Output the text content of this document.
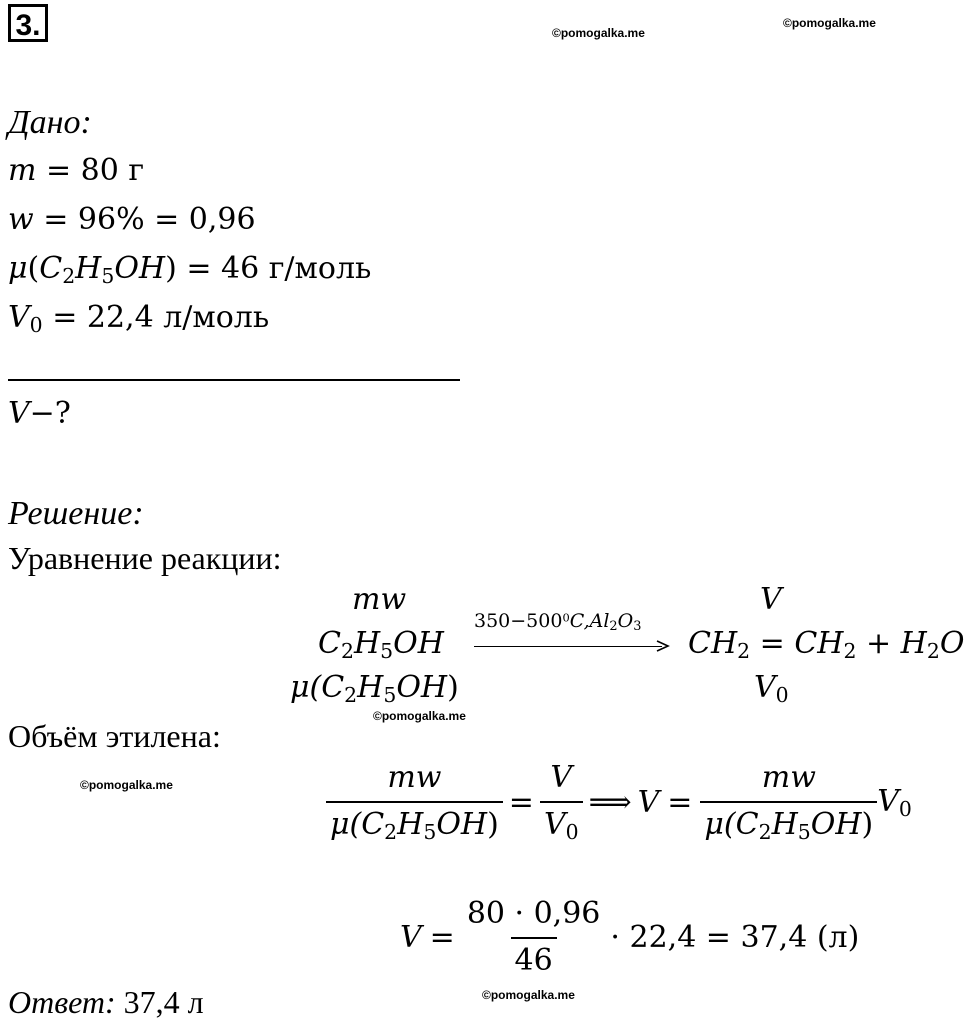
3.	©pomogalka.me
©pomogalka.me
Дано:
m = 80 г
w = 96% = 0,96
$\mu(C_2H_5OH) = 46$ г/моль
$V_0 = 22,4$ л/моль
V−?
Решение:
Уравнение реакции:
mw
$C_2H_5OH$
$\mu(C_2H_5OH)$
$350-500^0C,Al_2O_3$
V
$CH_2 = CH_2 + H_2O$
$V_0$
©pomogalka.me
Объём этилена:
©pomogalka.me	$\frac{mw}{\mu(C_2H_5OH)} = \frac{V}{V_0}$ ⟹ $V = \frac{mw}{\mu(C_2H_5OH)} V_0$
$V = \frac{80 \cdot 0,96}{46} \cdot 22,4 = 37,4$ (л)
Ответ: 37,4 л	©pomogalka.me
